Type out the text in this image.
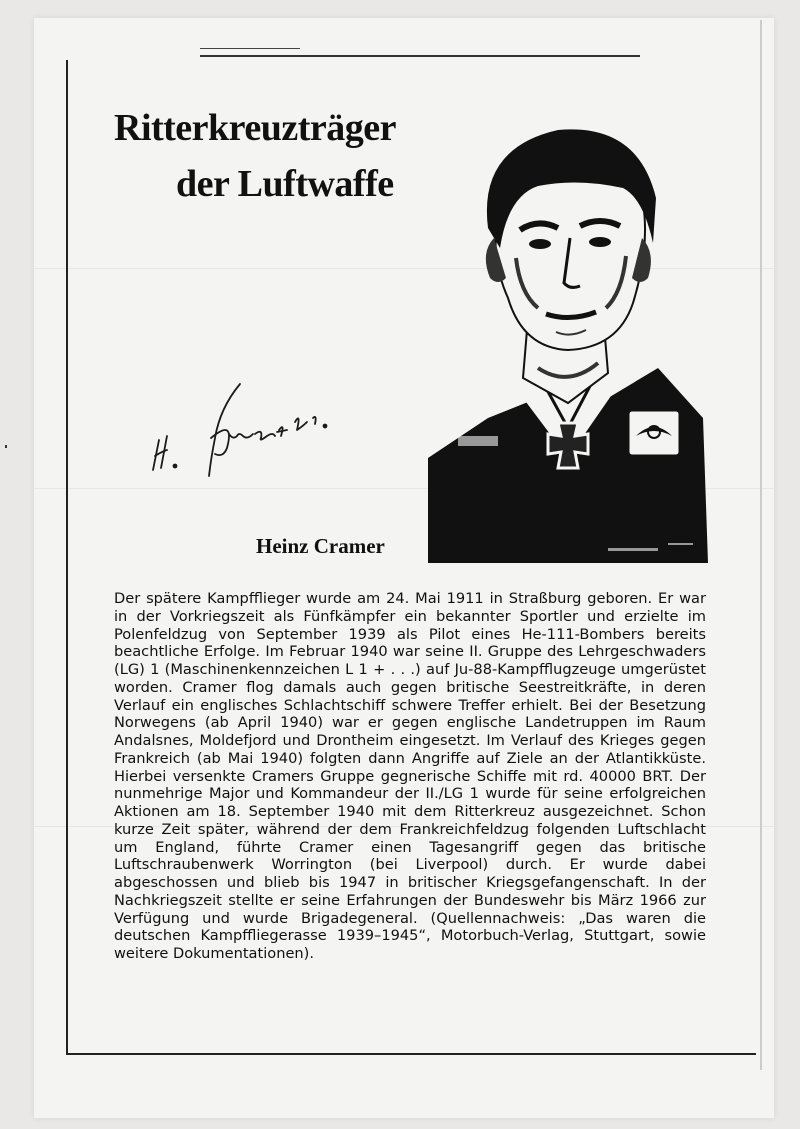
Ritterkreuzträger
der Luftwaffe
Heinz Cramer

Der spätere Kampfflieger wurde am 24. Mai 1911 in Straßburg geboren. Er war in der Vorkriegszeit als Fünfkämpfer ein bekannter Sportler und erzielte im Polenfeldzug von September 1939 als Pilot eines He-111-Bombers bereits beachtliche Erfolge. Im Februar 1940 war seine II. Gruppe des Lehrgeschwaders (LG) 1 (Maschinenkennzeichen L 1 + . . .) auf Ju-88-Kampfflugzeuge umgerüstet worden. Cramer flog damals auch gegen britische Seestreitkräfte, in deren Verlauf ein englisches Schlachtschiff schwere Treffer erhielt. Bei der Besetzung Norwegens (ab April 1940) war er gegen englische Landetruppen im Raum Andalsnes, Moldefjord und Drontheim eingesetzt. Im Verlauf des Krieges gegen Frankreich (ab Mai 1940) folgten dann Angriffe auf Ziele an der Atlantikküste. Hierbei versenkte Cramers Gruppe gegnerische Schiffe mit rd. 40000 BRT. Der nunmehrige Major und Kommandeur der II./LG 1 wurde für seine erfolgreichen Aktionen am 18. September 1940 mit dem Ritterkreuz ausgezeichnet. Schon kurze Zeit später, während der dem Frankreichfeldzug folgenden Luftschlacht um England, führte Cramer einen Tagesangriff gegen das britische Luftschraubenwerk Worrington (bei Liverpool) durch. Er wurde dabei abgeschossen und blieb bis 1947 in britischer Kriegsgefangenschaft. In der Nachkriegszeit stellte er seine Erfahrungen der Bundeswehr bis März 1966 zur Verfügung und wurde Brigadegeneral. (Quellennachweis: „Das waren die deutschen Kampffliegerasse 1939–1945“, Motorbuch-Verlag, Stuttgart, sowie weitere Dokumentationen).
